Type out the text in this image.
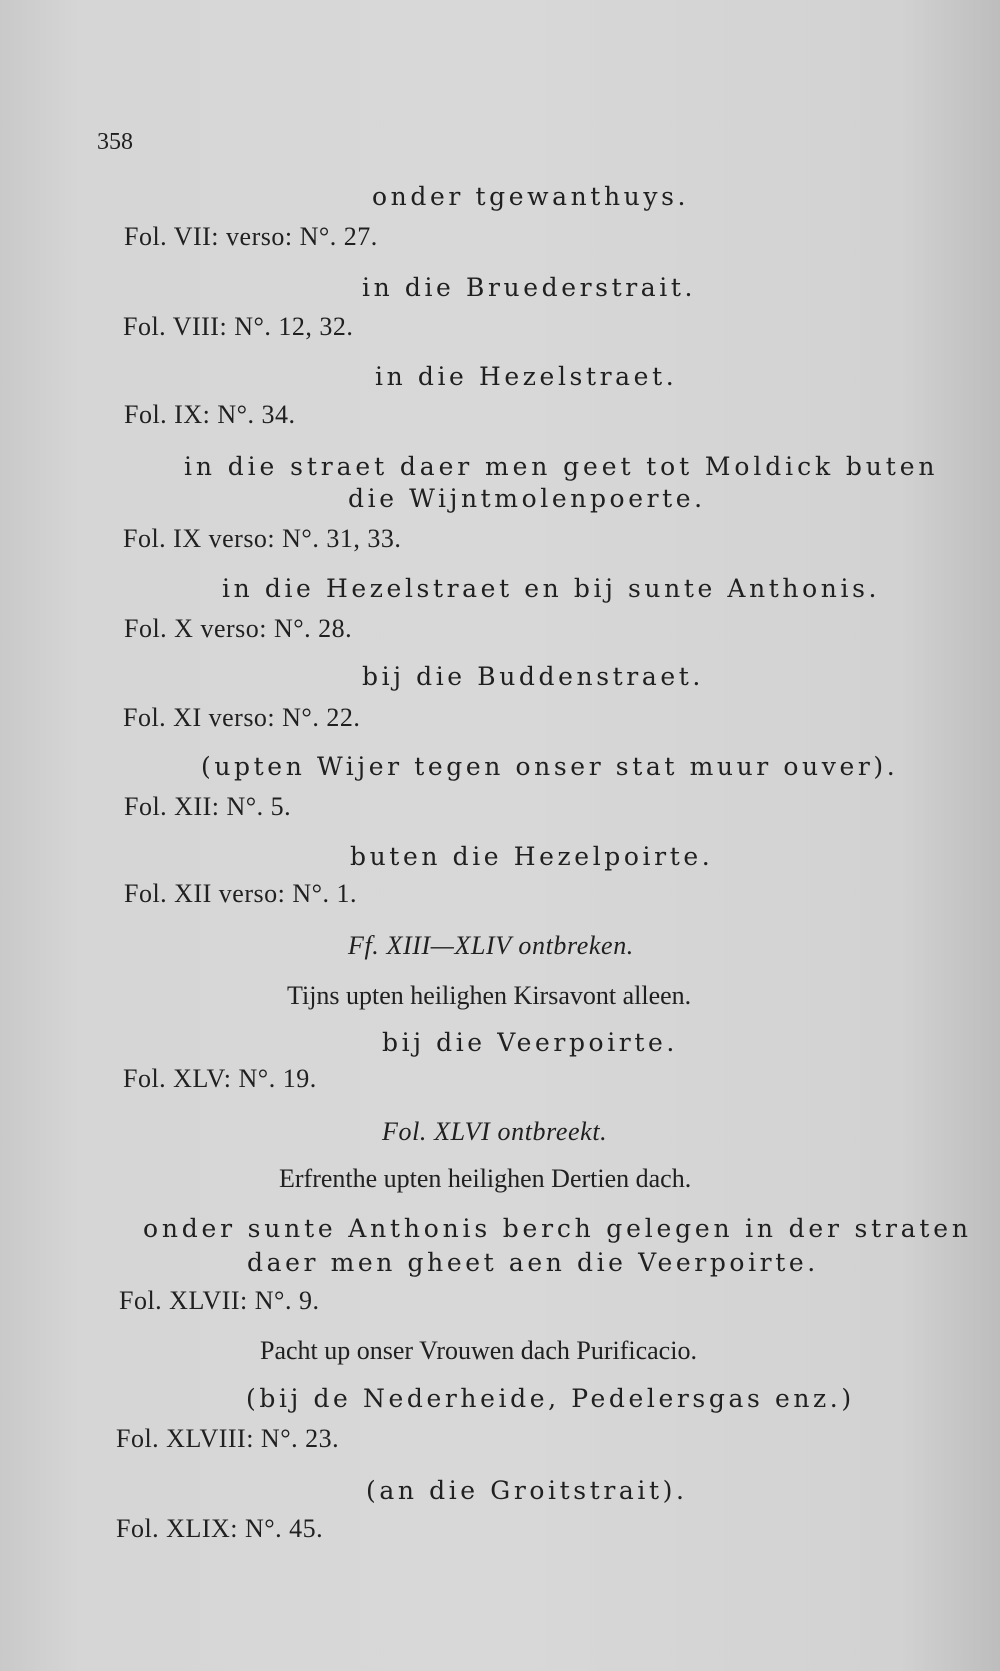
358
onder tgewanthuys.
Fol. VII: verso: N°. 27.
in die Bruederstrait.
Fol. VIII: N°. 12, 32.
in die Hezelstraet.
Fol. IX: N°. 34.
in die straet daer men geet tot Moldick buten
die Wijntmolenpoerte.
Fol. IX verso: N°. 31, 33.
in die Hezelstraet en bij sunte Anthonis.
Fol. X verso: N°. 28.
bij die Buddenstraet.
Fol. XI verso: N°. 22.
(upten Wijer tegen onser stat muur ouver).
Fol. XII: N°. 5.
buten die Hezelpoirte.
Fol. XII verso: N°. 1.
Ff. XIII—XLIV ontbreken.
Tijns upten heilighen Kirsavont alleen.
bij die Veerpoirte.
Fol. XLV: N°. 19.
Fol. XLVI ontbreekt.
Erfrenthe upten heilighen Dertien dach.
onder sunte Anthonis berch gelegen in der straten
daer men gheet aen die Veerpoirte.
Fol. XLVII: N°. 9.
Pacht up onser Vrouwen dach Purificacio.
(bij de Nederheide, Pedelersgas enz.)
Fol. XLVIII: N°. 23.
(an die Groitstrait).
Fol. XLIX: N°. 45.
